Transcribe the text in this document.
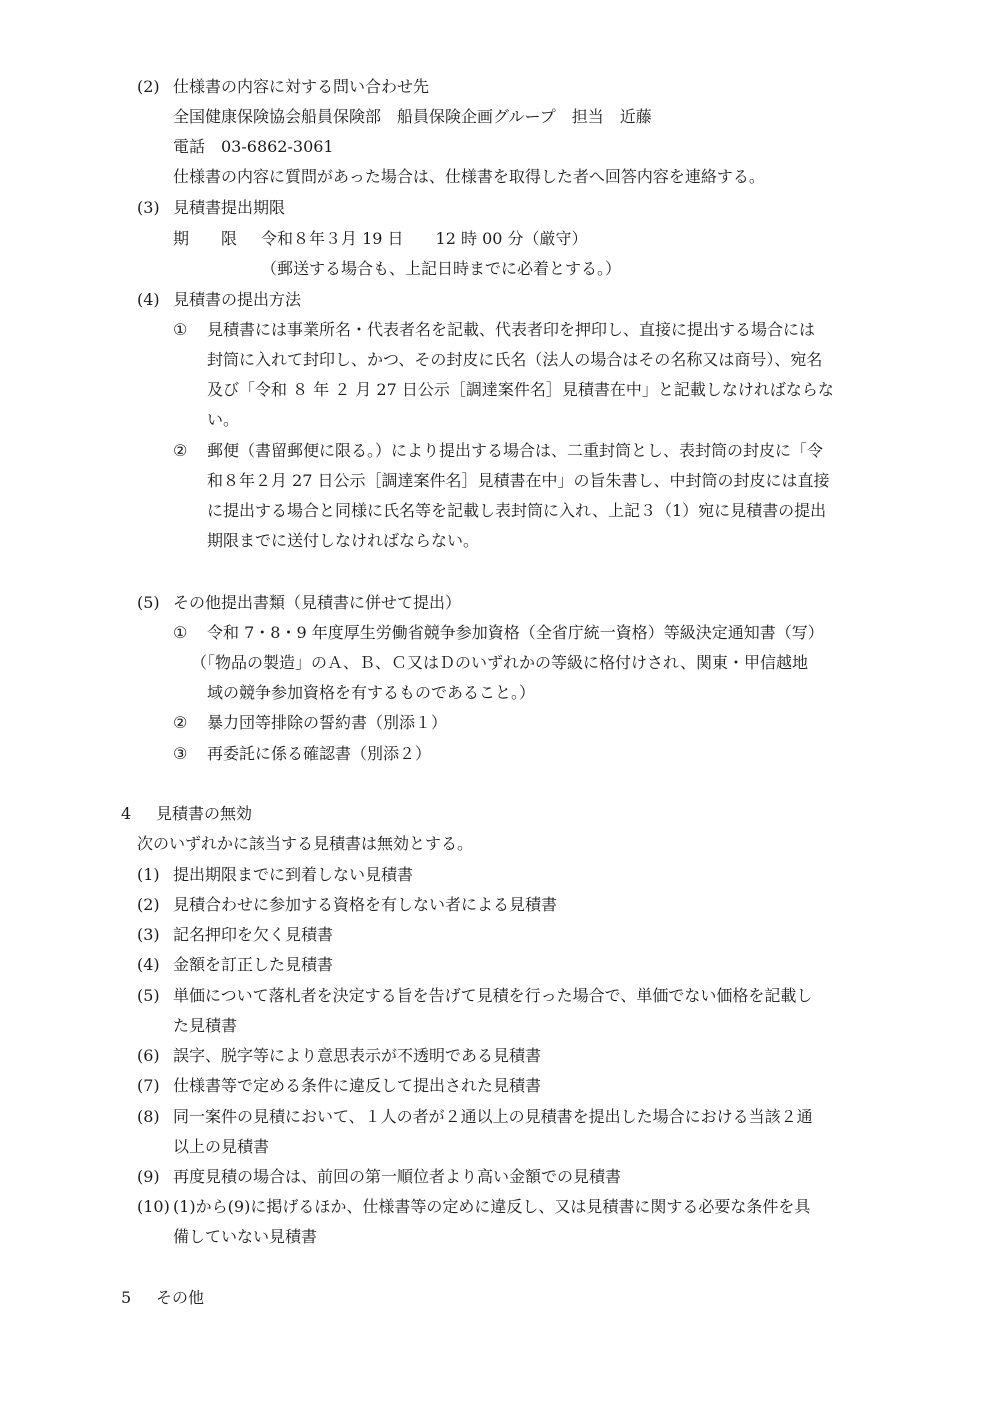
(2) 仕様書の内容に対する問い合わせ先
全国健康保険協会船員保険部　船員保険企画グループ　担当　近藤
電話　03-6862-3061
仕様書の内容に質問があった場合は、仕様書を取得した者へ回答内容を連絡する。
(3) 見積書提出期限
期　　限 令和８年３月 19 日　　12 時 00 分（厳守）
（郵送する場合も、上記日時までに必着とする。）
(4) 見積書の提出方法
① 見積書には事業所名・代表者名を記載、代表者印を押印し、直接に提出する場合には
封筒に入れて封印し、かつ、その封皮に氏名（法人の場合はその名称又は商号）、宛名
及び「令和 ８ 年 ２ 月 27 日公示［調達案件名］見積書在中」と記載しなければならな
い。
② 郵便（書留郵便に限る。）により提出する場合は、二重封筒とし、表封筒の封皮に「令
和８年２月 27 日公示［調達案件名］見積書在中」の旨朱書し、中封筒の封皮には直接
に提出する場合と同様に氏名等を記載し表封筒に入れ、上記３（1）宛に見積書の提出
期限までに送付しなければならない。
(5) その他提出書類（見積書に併せて提出）
① 令和 7・8・9 年度厚生労働省競争参加資格（全省庁統一資格）等級決定通知書（写）
（「物品の製造」のＡ、Ｂ、Ｃ又はＤのいずれかの等級に格付けされ、関東・甲信越地
域の競争参加資格を有するものであること。）
② 暴力団等排除の誓約書（別添１）
③ 再委託に係る確認書（別添２）
4 見積書の無効
次のいずれかに該当する見積書は無効とする。
(1) 提出期限までに到着しない見積書
(2) 見積合わせに参加する資格を有しない者による見積書
(3) 記名押印を欠く見積書
(4) 金額を訂正した見積書
(5) 単価について落札者を決定する旨を告げて見積を行った場合で、単価でない価格を記載し
た見積書
(6) 誤字、脱字等により意思表示が不透明である見積書
(7) 仕様書等で定める条件に違反して提出された見積書
(8) 同一案件の見積において、１人の者が２通以上の見積書を提出した場合における当該２通
以上の見積書
(9) 再度見積の場合は、前回の第一順位者より高い金額での見積書
(10) (1)から(9)に掲げるほか、仕様書等の定めに違反し、又は見積書に関する必要な条件を具
備していない見積書
5 その他
